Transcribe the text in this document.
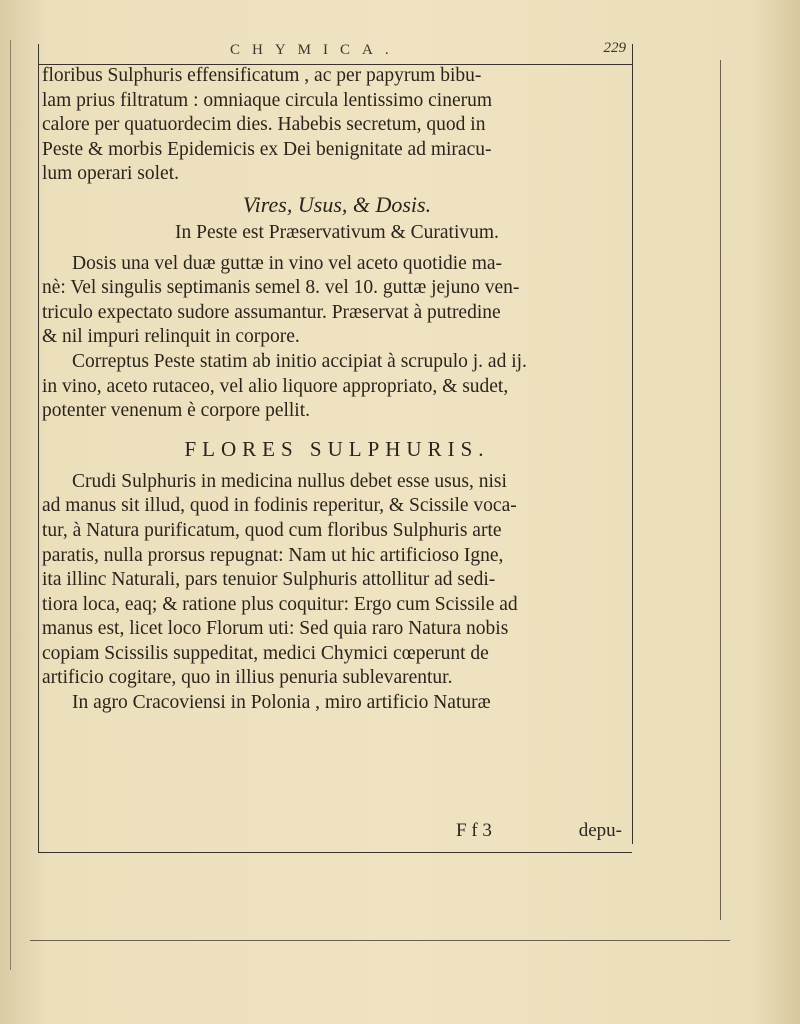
CHYMICA.	229
floribus Sulphuris effensificatum , ac per papyrum bibu-
lam prius filtratum : omniaque circula lentissimo cinerum
calore per quatuordecim dies. Habebis secretum, quod in
Peste & morbis Epidemicis ex Dei benignitate ad miracu-
lum operari solet.
Vires, Usus, & Dosis.
In Peste est Præservativum & Curativum.
Dosis una vel duæ guttæ in vino vel aceto quotidie ma-
nè: Vel singulis septimanis semel 8. vel 10. guttæ jejuno ven-
triculo expectato sudore assumantur. Præservat à putredine
& nil impuri relinquit in corpore.
Correptus Peste statim ab initio accipiat à scrupulo j. ad ij.
in vino, aceto rutaceo, vel alio liquore appropriato, & sudet,
potenter venenum è corpore pellit.
FLORES SULPHURIS.
Crudi Sulphuris in medicina nullus debet esse usus, nisi
ad manus sit illud, quod in fodinis reperitur, & Scissile voca-
tur, à Natura purificatum, quod cum floribus Sulphuris arte
paratis, nulla prorsus repugnat: Nam ut hic artificioso Igne,
ita illinc Naturali, pars tenuior Sulphuris attollitur ad sedi-
tiora loca, eaq; & ratione plus coquitur: Ergo cum Scissile ad
manus est, licet loco Florum uti: Sed quia raro Natura nobis
copiam Scissilis suppeditat, medici Chymici cœperunt de
artificio cogitare, quo in illius penuria sublevarentur.
In agro Cracoviensi in Polonia , miro artificio Naturæ
F f 3	depu-
